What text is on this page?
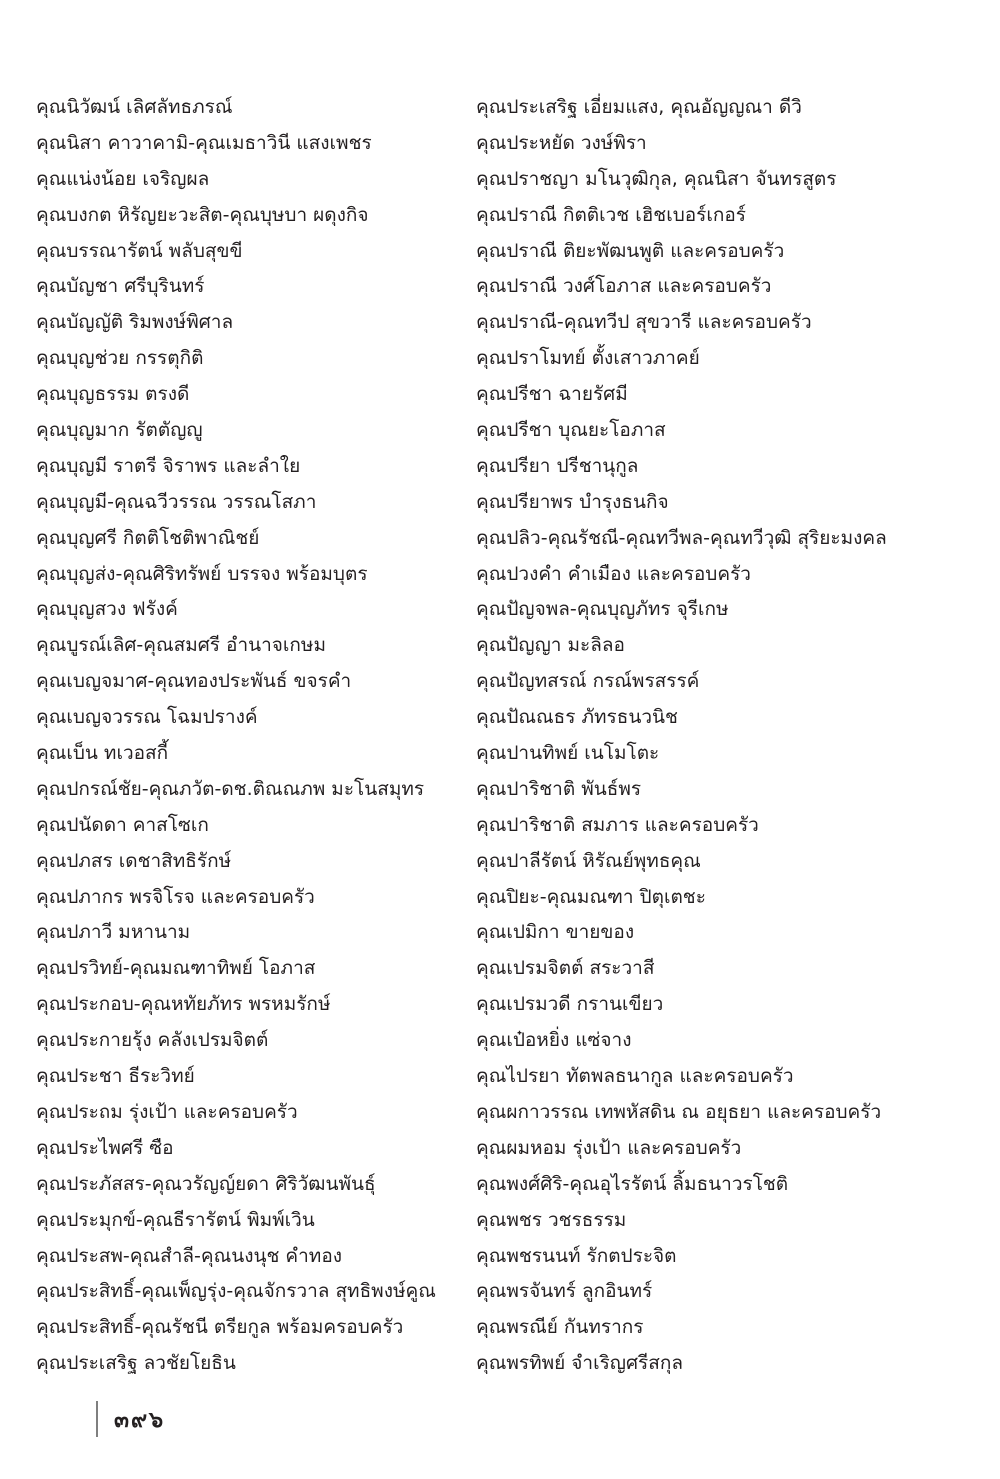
คุณนิวัฒน์ เลิศลัทธภรณ์
คุณนิสา คาวาคามิ-คุณเมธาวินี แสงเพชร
คุณแน่งน้อย เจริญผล
คุณบงกต หิรัญยะวะสิต-คุณบุษบา ผดุงกิจ
คุณบรรณารัตน์ พลับสุขขี
คุณบัญชา ศรีบุรินทร์
คุณบัญญัติ ริมพงษ์พิศาล
คุณบุญช่วย กรรตุกิติ
คุณบุญธรรม ตรงดี
คุณบุญมาก รัตตัญญู
คุณบุญมี ราตรี จิราพร และลำใย
คุณบุญมี-คุณฉวีวรรณ วรรณโสภา
คุณบุญศรี กิตติโชติพาณิชย์
คุณบุญส่ง-คุณศิริทรัพย์ บรรจง พร้อมบุตร
คุณบุญสวง ฟรังค์
คุณบูรณ์เลิศ-คุณสมศรี อำนาจเกษม
คุณเบญจมาศ-คุณทองประพันธ์ ขจรคำ
คุณเบญจวรรณ โฉมปรางค์
คุณเบ็น ทเวอสกี้
คุณปกรณ์ชัย-คุณภวัต-ดช.ติณณภพ มะโนสมุทร
คุณปนัดดา คาสโซเก
คุณปภสร เดชาสิทธิรักษ์
คุณปภากร พรจิโรจ และครอบครัว
คุณปภาวี มหานาม
คุณปรวิทย์-คุณมณฑาทิพย์ โอภาส
คุณประกอบ-คุณหทัยภัทร พรหมรักษ์
คุณประกายรุ้ง คลังเปรมจิตต์
คุณประชา ธีระวิทย์
คุณประถม รุ่งเป้า และครอบครัว
คุณประไพศรี ซือ
คุณประภัสสร-คุณวรัญญ์ยดา ศิริวัฒนพันธุ์
คุณประมุกข์-คุณธีรารัตน์ พิมพ์เวิน
คุณประสพ-คุณสำลี-คุณนงนุช คำทอง
คุณประสิทธิ์-คุณเพ็ญรุ่ง-คุณจักรวาล สุทธิพงษ์คูณ
คุณประสิทธิ์-คุณรัชนี ตรียกูล พร้อมครอบครัว
คุณประเสริฐ ลวชัยโยธิน
คุณประเสริฐ เอี่ยมแสง, คุณอัญญณา ดีวิ
คุณประหยัด วงษ์พิรา
คุณปราชญา มโนวุฒิกุล, คุณนิสา จันทรสูตร
คุณปราณี กิตติเวช เฮิชเบอร์เกอร์
คุณปราณี ติยะพัฒนพูติ และครอบครัว
คุณปราณี วงศ์โอภาส และครอบครัว
คุณปราณี-คุณทวีป สุขวารี และครอบครัว
คุณปราโมทย์ ตั้งเสาวภาคย์
คุณปรีชา ฉายรัศมี
คุณปรีชา บุณยะโอภาส
คุณปรียา ปรีชานุกูล
คุณปรียาพร บำรุงธนกิจ
คุณปลิว-คุณรัชณี-คุณทวีพล-คุณทวีวุฒิ สุริยะมงคล
คุณปวงคำ คำเมือง และครอบครัว
คุณปัญจพล-คุณบุญภัทร จุรีเกษ
คุณปัญญา มะลิลอ
คุณปัญทสรณ์ กรณ์พรสรรค์
คุณปัณณธร ภัทรธนวนิช
คุณปานทิพย์ เนโมโตะ
คุณปาริชาติ พันธ์พร
คุณปาริชาติ สมภาร และครอบครัว
คุณปาลีรัตน์ หิรัณย์พุทธคุณ
คุณปิยะ-คุณมณฑา ปิตุเตชะ
คุณเปมิกา ขายของ
คุณเปรมจิตต์ สระวาสี
คุณเปรมวดี กรานเขียว
คุณเป๋อหยิ่ง แซ่จาง
คุณไปรยา ทัตพลธนากูล และครอบครัว
คุณผกาวรรณ เทพหัสดิน ณ อยุธยา และครอบครัว
คุณผมหอม รุ่งเป้า และครอบครัว
คุณพงศ์ศิริ-คุณอุไรรัตน์ ลิ้มธนาวรโชติ
คุณพชร วชรธรรม
คุณพชรนนท์ รักตประจิต
คุณพรจันทร์ ลูกอินทร์
คุณพรณีย์ กันทรากร
คุณพรทิพย์ จำเริญศรีสกุล
๓๙๖
